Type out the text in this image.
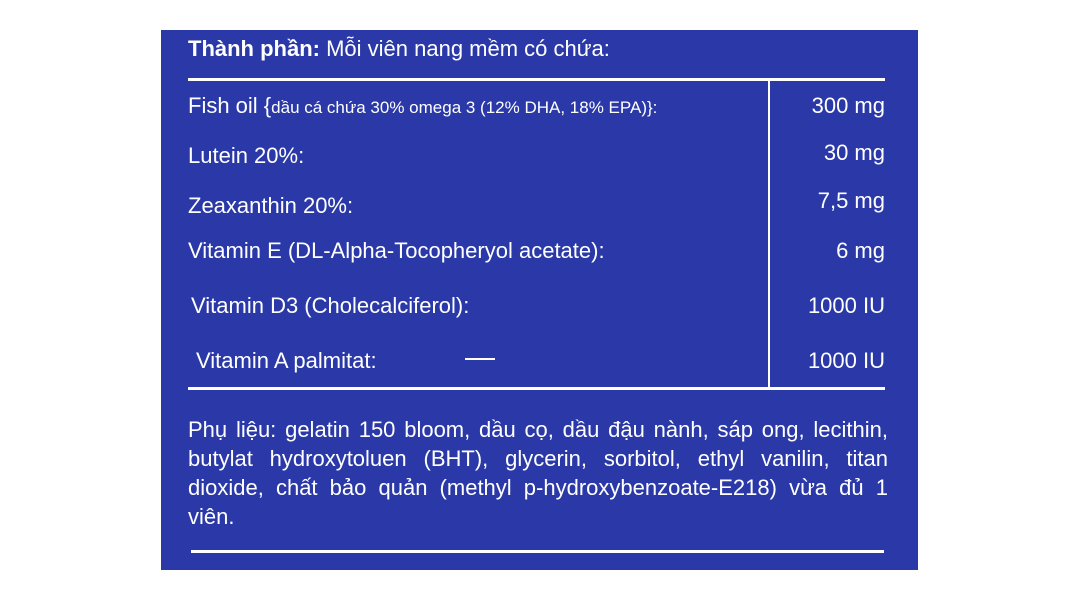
Thành phần: Mỗi viên nang mềm có chứa:
Fish oil {dầu cá chứa 30% omega 3 (12% DHA, 18% EPA)}:	300 mg
Lutein 20%:	30 mg
Zeaxanthin 20%:	7,5 mg
Vitamin E (DL-Alpha-Tocopheryol acetate):	6 mg
Vitamin D3 (Cholecalciferol):	1000 IU
Vitamin A palmitat:	1000 IU
Phụ liệu: gelatin 150 bloom, dầu cọ, dầu đậu nành, sáp ong, lecithin, butylat hydroxytoluen (BHT), glycerin, sorbitol, ethyl vanilin, titan dioxide, chất bảo quản (methyl p-hydroxybenzoate-E218) vừa đủ 1 viên.
